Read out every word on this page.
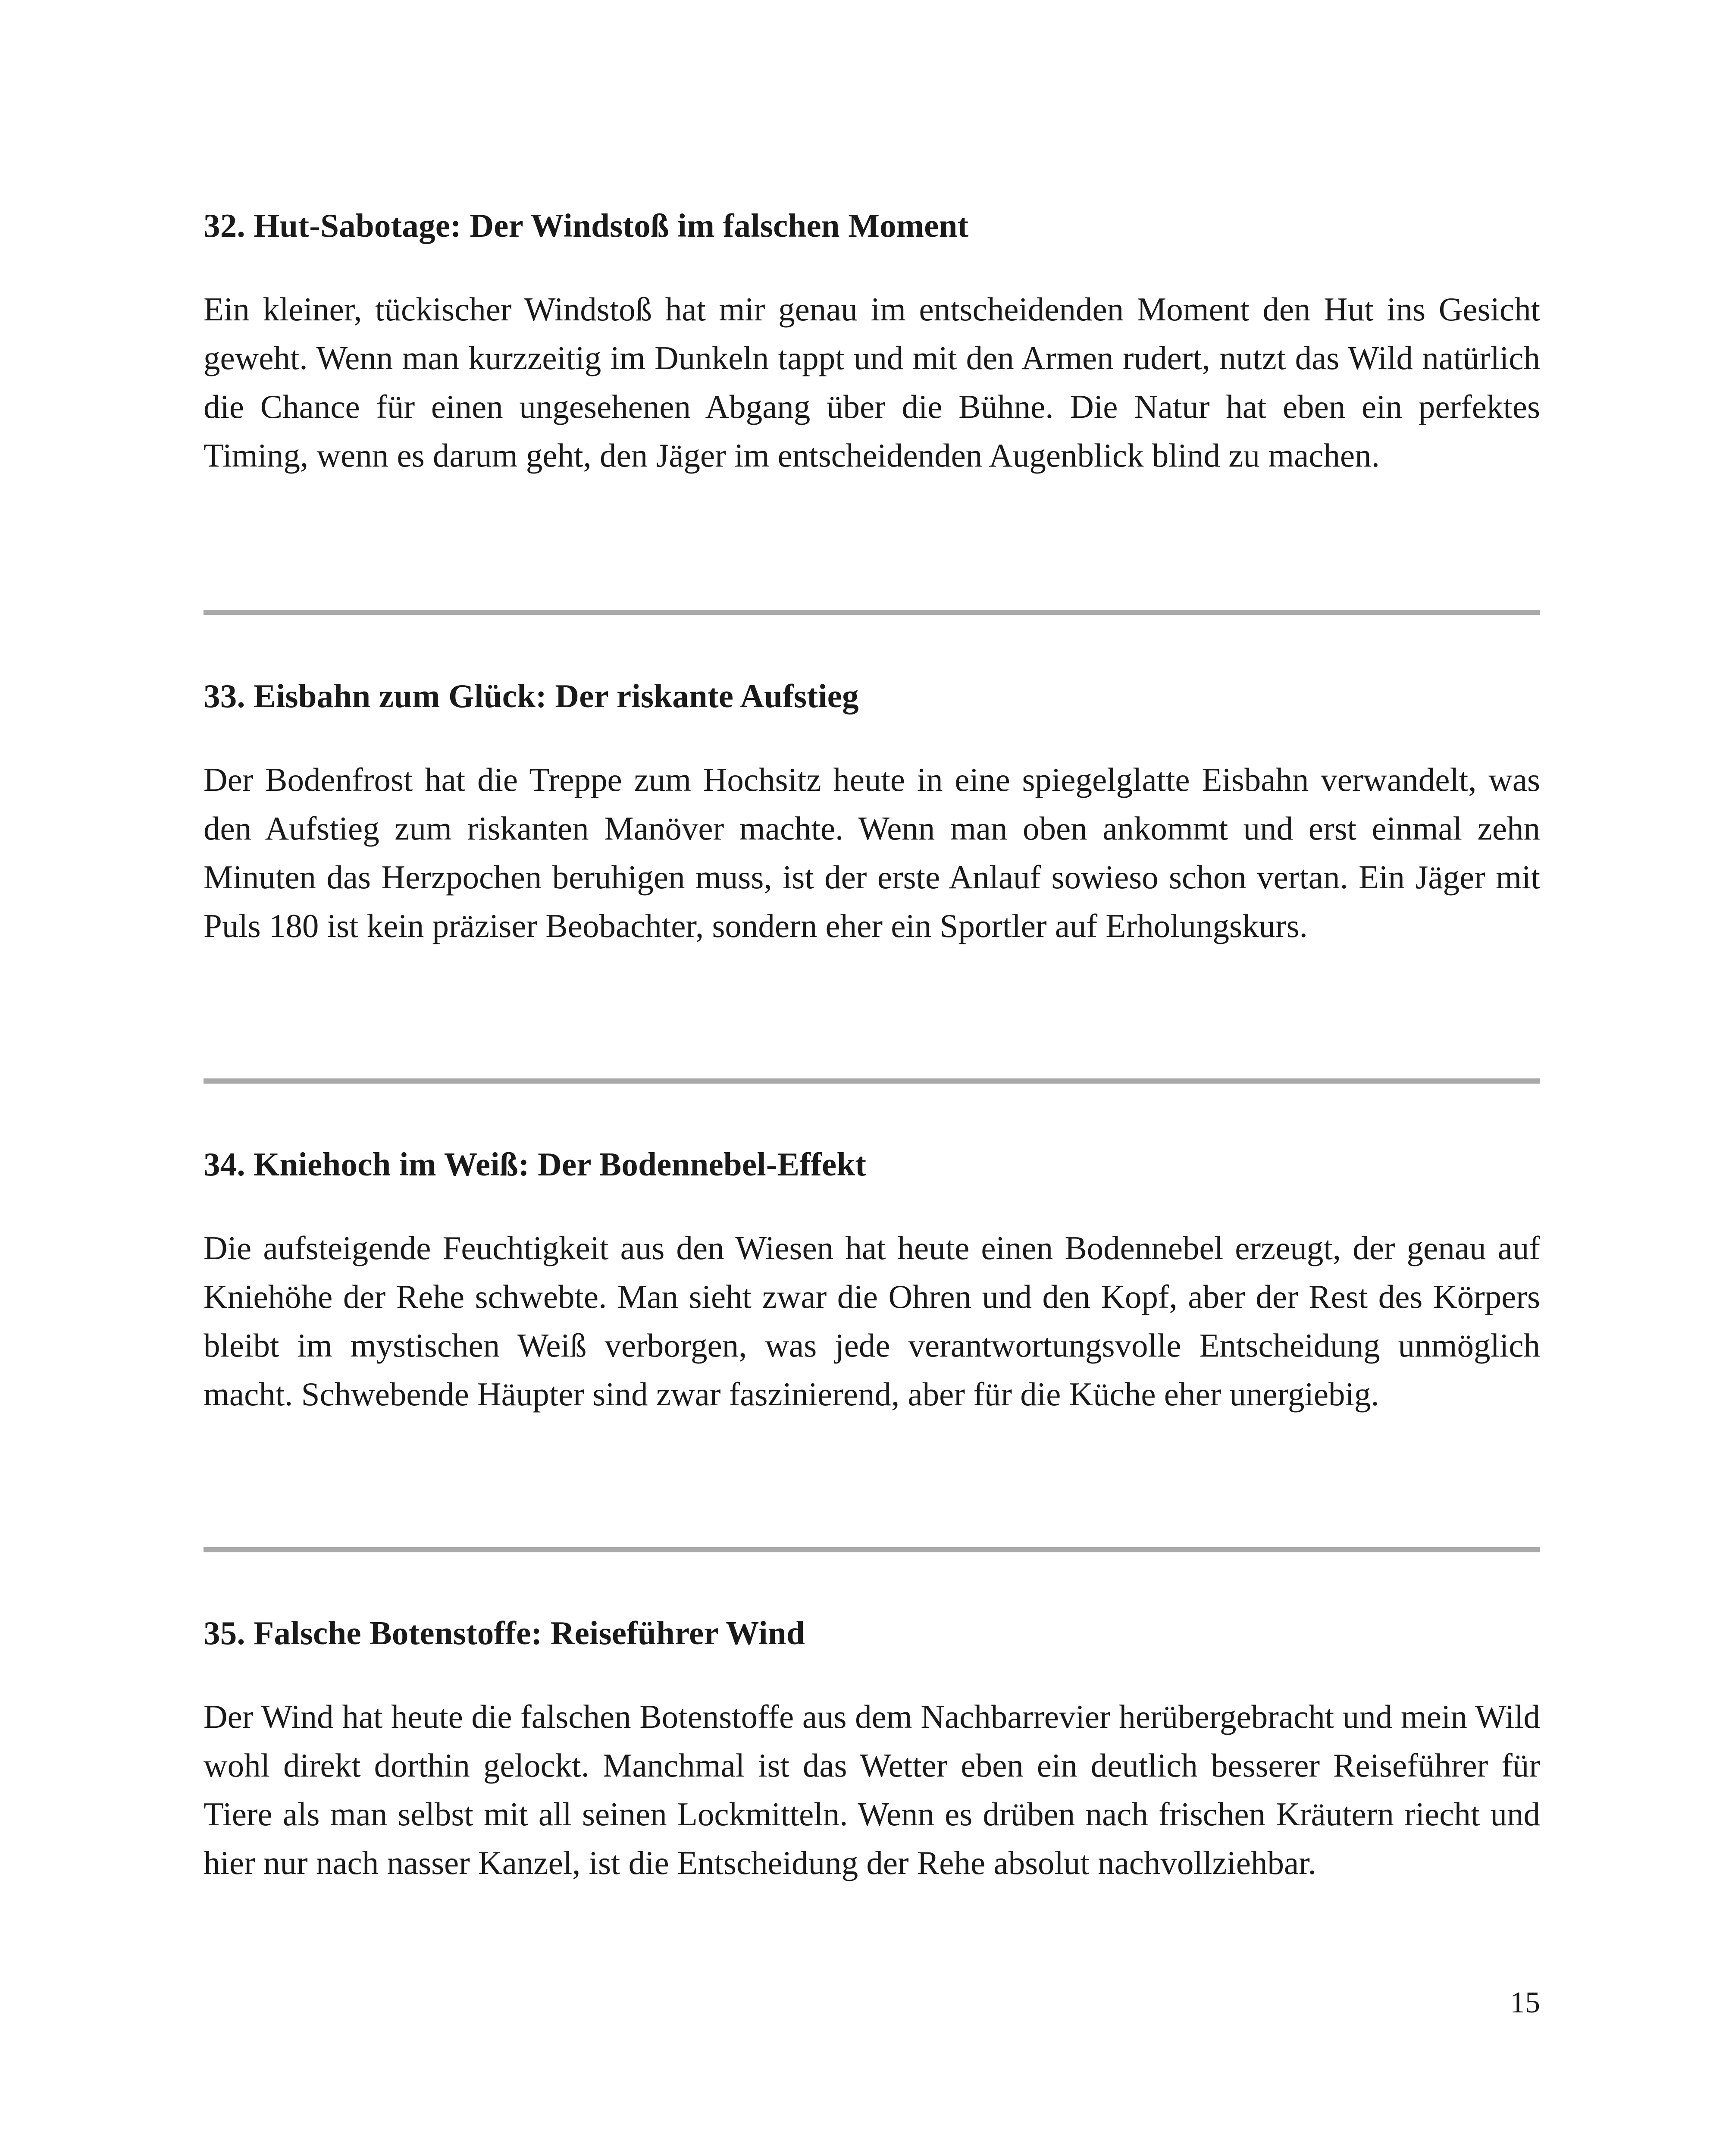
32. Hut-Sabotage: Der Windstoß im falschen Moment

Ein kleiner, tückischer Windstoß hat mir genau im entscheidenden Moment den Hut ins Gesicht geweht. Wenn man kurzzeitig im Dunkeln tappt und mit den Armen rudert, nutzt das Wild natürlich die Chance für einen ungesehenen Abgang über die Bühne. Die Natur hat eben ein perfektes Timing, wenn es darum geht, den Jäger im entscheidenden Augenblick blind zu machen.

33. Eisbahn zum Glück: Der riskante Aufstieg

Der Bodenfrost hat die Treppe zum Hochsitz heute in eine spiegelglatte Eisbahn verwandelt, was den Aufstieg zum riskanten Manöver machte. Wenn man oben ankommt und erst einmal zehn Minuten das Herzpochen beruhigen muss, ist der erste Anlauf sowieso schon vertan. Ein Jäger mit Puls 180 ist kein präziser Beobachter, sondern eher ein Sportler auf Erholungskurs.

34. Kniehoch im Weiß: Der Bodennebel-Effekt

Die aufsteigende Feuchtigkeit aus den Wiesen hat heute einen Bodennebel erzeugt, der genau auf Kniehöhe der Rehe schwebte. Man sieht zwar die Ohren und den Kopf, aber der Rest des Körpers bleibt im mystischen Weiß verborgen, was jede verantwortungsvolle Entscheidung unmöglich macht. Schwebende Häupter sind zwar faszinierend, aber für die Küche eher unergiebig.

35. Falsche Botenstoffe: Reiseführer Wind

Der Wind hat heute die falschen Botenstoffe aus dem Nachbarrevier herübergebracht und mein Wild wohl direkt dorthin gelockt. Manchmal ist das Wetter eben ein deutlich besserer Reiseführer für Tiere als man selbst mit all seinen Lockmitteln. Wenn es drüben nach frischen Kräutern riecht und hier nur nach nasser Kanzel, ist die Entscheidung der Rehe absolut nachvollziehbar.

15
